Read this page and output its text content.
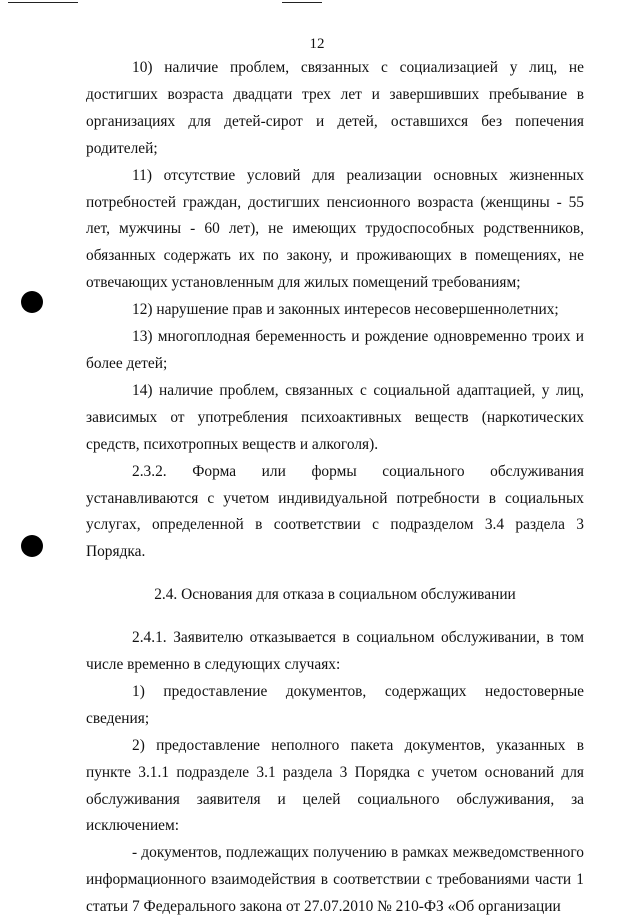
12

10) наличие проблем, связанных с социализацией у лиц, не достигших возраста двадцати трех лет и завершивших пребывание в организациях для детей-сирот и детей, оставшихся без попечения родителей;

11) отсутствие условий для реализации основных жизненных потребностей граждан, достигших пенсионного возраста (женщины - 55 лет, мужчины - 60 лет), не имеющих трудоспособных родственников, обязанных содержать их по закону, и проживающих в помещениях, не отвечающих установленным для жилых помещений требованиям;

12) нарушение прав и законных интересов несовершеннолетних;

13) многоплодная беременность и рождение одновременно троих и более детей;

14) наличие проблем, связанных с социальной адаптацией, у лиц, зависимых от употребления психоактивных веществ (наркотических средств, психотропных веществ и алкоголя).

2.3.2. Форма или формы социального обслуживания устанавливаются с учетом индивидуальной потребности в социальных услугах, определенной в соответствии с подразделом 3.4 раздела 3 Порядка.

2.4. Основания для отказа в социальном обслуживании

2.4.1. Заявителю отказывается в социальном обслуживании, в том числе временно в следующих случаях:

1) предоставление документов, содержащих недостоверные сведения;

2) предоставление неполного пакета документов, указанных в пункте 3.1.1 подразделе 3.1 раздела 3 Порядка с учетом оснований для обслуживания заявителя и целей социального обслуживания, за исключением:

- документов, подлежащих получению в рамках межведомственного информационного взаимодействия в соответствии с требованиями части 1 статьи 7 Федерального закона от 27.07.2010 № 210-ФЗ «Об организации
